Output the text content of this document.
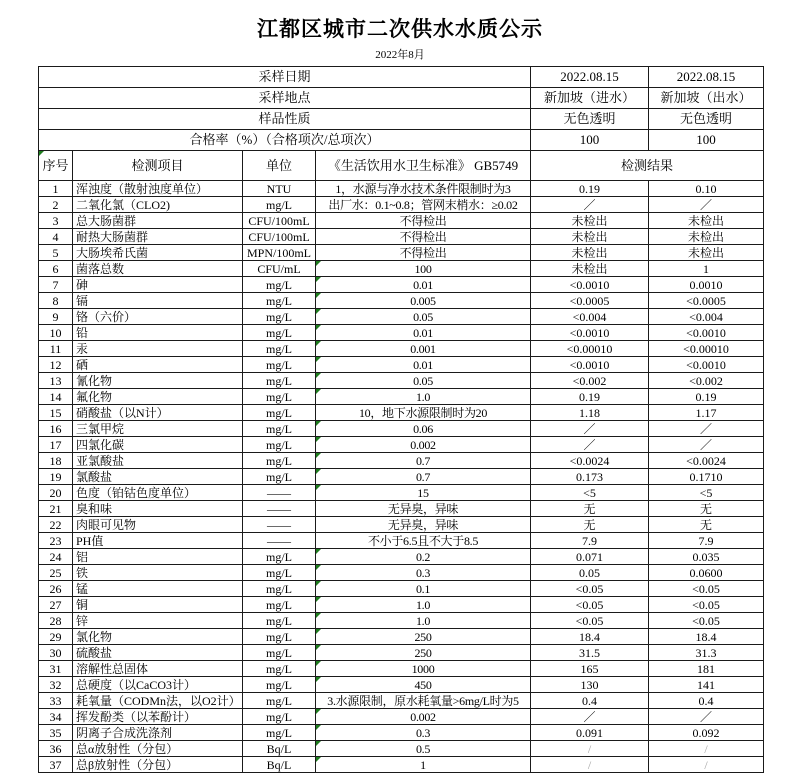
江都区城市二次供水水质公示
2022年8月
采样日期				2022.08.15	2022.08.15
采样地点				新加坡（进水）	新加坡（出水）
样品性质				无色透明	无色透明
合格率（%）（合格项次/总项次）				100	100
序号	检测项目	单位	《生活饮用水卫生标准》 GB5749	检测结果	
1	浑浊度（散射浊度单位）	NTU	1，水源与净水技术条件限制时为3	0.19	0.10
2	二氧化氯（CLO2)	mg/L	出厂水：0.1~0.8；管网末梢水：≥0.02	／	／
3	总大肠菌群	CFU/100mL	不得检出	未检出	未检出
4	耐热大肠菌群	CFU/100mL	不得检出	未检出	未检出
5	大肠埃希氏菌	MPN/100mL	不得检出	未检出	未检出
6	菌落总数	CFU/mL	100	未检出	1
7	砷	mg/L	0.01	<0.0010	0.0010
8	镉	mg/L	0.005	<0.0005	<0.0005
9	铬（六价）	mg/L	0.05	<0.004	<0.004
10	铅	mg/L	0.01	<0.0010	<0.0010
11	汞	mg/L	0.001	<0.00010	<0.00010
12	硒	mg/L	0.01	<0.0010	<0.0010
13	氰化物	mg/L	0.05	<0.002	<0.002
14	氟化物	mg/L	1.0	0.19	0.19
15	硝酸盐（以N计）	mg/L	10，地下水源限制时为20	1.18	1.17
16	三氯甲烷	mg/L	0.06	／	／
17	四氯化碳	mg/L	0.002	／	／
18	亚氯酸盐	mg/L	0.7	<0.0024	<0.0024
19	氯酸盐	mg/L	0.7	0.173	0.1710
20	色度（铂钴色度单位）	——	15	<5	<5
21	臭和味	——	无异臭，异味	无	无
22	肉眼可见物	——	无异臭，异味	无	无
23	PH值	——	不小于6.5且不大于8.5	7.9	7.9
24	铝	mg/L	0.2	0.071	0.035
25	铁	mg/L	0.3	0.05	0.0600
26	锰	mg/L	0.1	<0.05	<0.05
27	铜	mg/L	1.0	<0.05	<0.05
28	锌	mg/L	1.0	<0.05	<0.05
29	氯化物	mg/L	250	18.4	18.4
30	硫酸盐	mg/L	250	31.5	31.3
31	溶解性总固体	mg/L	1000	165	181
32	总硬度（以CaCO3计）	mg/L	450	130	141
33	耗氧量（CODMn法，以O2计）	mg/L	3.水源限制，原水耗氧量>6mg/L时为5	0.4	0.4
34	挥发酚类（以苯酚计）	mg/L	0.002	／	／
35	阴离子合成洗涤剂	mg/L	0.3	0.091	0.092
36	总α放射性（分包）	Bq/L	0.5	/	/
37	总β放射性（分包）	Bq/L	1	/	/
